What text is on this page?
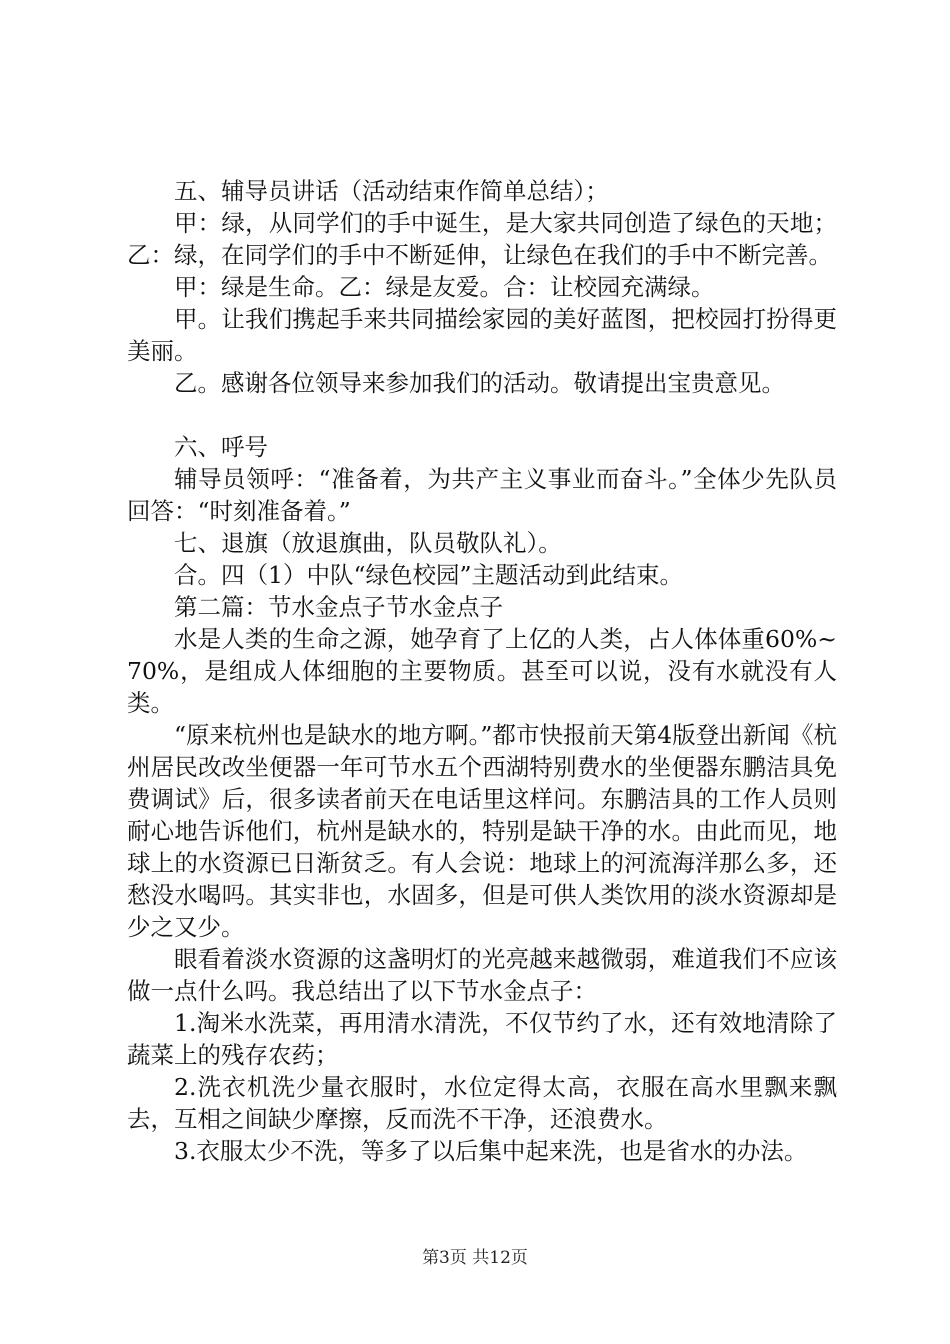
五、辅导员讲话（活动结束作简单总结）；

甲：绿，从同学们的手中诞生，是大家共同创造了绿色的天地；乙：绿，在同学们的手中不断延伸，让绿色在我们的手中不断完善。

甲：绿是生命。乙：绿是友爱。合：让校园充满绿。

甲。让我们携起手来共同描绘家园的美好蓝图，把校园打扮得更美丽。

乙。感谢各位领导来参加我们的活动。敬请提出宝贵意见。

六、呼号

辅导员领呼：“准备着，为共产主义事业而奋斗。”全体少先队员回答：“时刻准备着。”

七、退旗（放退旗曲，队员敬队礼）。

合。四（1）中队“绿色校园”主题活动到此结束。

第二篇：节水金点子节水金点子

水是人类的生命之源，她孕育了上亿的人类，占人体体重60%~70%，是组成人体细胞的主要物质。甚至可以说，没有水就没有人类。

“原来杭州也是缺水的地方啊。”都市快报前天第4版登出新闻《杭州居民改改坐便器一年可节水五个西湖特别费水的坐便器东鹏洁具免费调试》后，很多读者前天在电话里这样问。东鹏洁具的工作人员则耐心地告诉他们，杭州是缺水的，特别是缺干净的水。由此而见，地球上的水资源已日渐贫乏。有人会说：地球上的河流海洋那么多，还愁没水喝吗。其实非也，水固多，但是可供人类饮用的淡水资源却是少之又少。

眼看着淡水资源的这盏明灯的光亮越来越微弱，难道我们不应该做一点什么吗。我总结出了以下节水金点子：

1.淘米水洗菜，再用清水清洗，不仅节约了水，还有效地清除了蔬菜上的残存农药；

2.洗衣机洗少量衣服时，水位定得太高，衣服在高水里飘来飘去，互相之间缺少摩擦，反而洗不干净，还浪费水。

3.衣服太少不洗，等多了以后集中起来洗，也是省水的办法。

第3页 共12页
